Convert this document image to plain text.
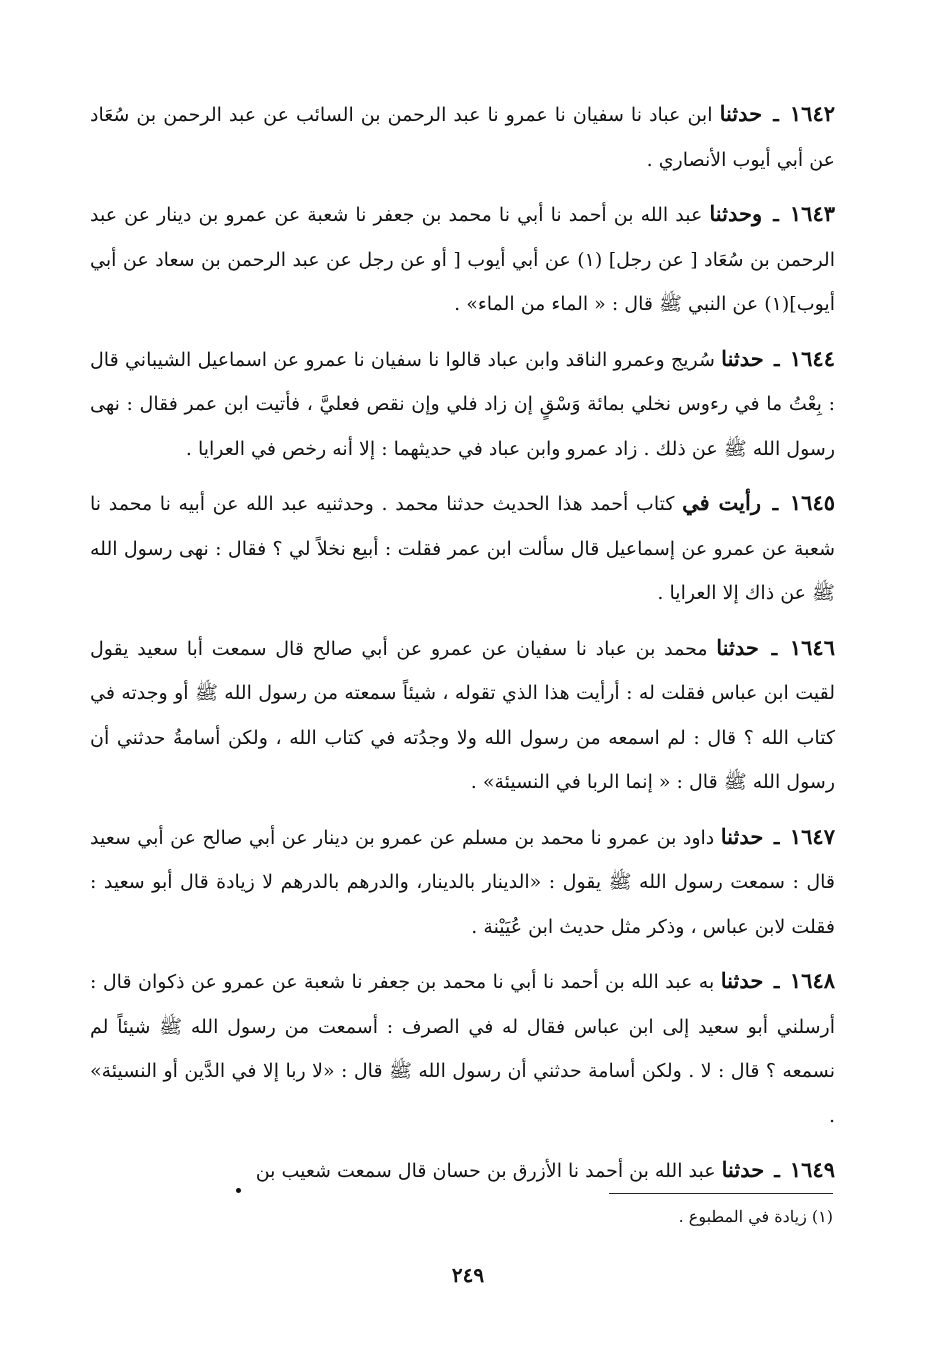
١٦٤٢ ـ حدثنا ابن عباد نا سفيان نا عمرو نا عبد الرحمن بن السائب عن عبد الرحمن بن سُعَاد عن أبي أيوب الأنصاري .

١٦٤٣ ـ وحدثنا عبد الله بن أحمد نا أبي نا محمد بن جعفر نا شعبة عن عمرو بن دينار عن عبد الرحمن بن سُعَاد [ عن رجل] (١) عن أبي أيوب [ أو عن رجل عن عبد الرحمن بن سعاد عن أبي أيوب](١) عن النبي ﷺ قال : « الماء من الماء» .

١٦٤٤ ـ حدثنا سُريج وعمرو الناقد وابن عباد قالوا نا سفيان نا عمرو عن اسماعيل الشيباني قال : بِعْتُ ما في رءوس نخلي بمائة وَسْقٍ إن زاد فلي وإن نقص فعليَّ ، فأتيت ابن عمر فقال : نهى رسول الله ﷺ عن ذلك . زاد عمرو وابن عباد في حديثهما : إلا أنه رخص في العرايا .

١٦٤٥ ـ رأيت في كتاب أحمد هذا الحديث حدثنا محمد . وحدثنيه عبد الله عن أبيه نا محمد نا شعبة عن عمرو عن إسماعيل قال سألت ابن عمر فقلت : أبيع نخلاً لي ؟ فقال : نهى رسول الله ﷺ عن ذاك إلا العرايا .

١٦٤٦ ـ حدثنا محمد بن عباد نا سفيان عن عمرو عن أبي صالح قال سمعت أبا سعيد يقول لقيت ابن عباس فقلت له : أرأيت هذا الذي تقوله ، شيئاً سمعته من رسول الله ﷺ أو وجدته في كتاب الله ؟ قال : لم اسمعه من رسول الله ولا وجدُته في كتاب الله ، ولكن أسامةُ حدثني أن رسول الله ﷺ قال : « إنما الربا في النسيئة» .

١٦٤٧ ـ حدثنا داود بن عمرو نا محمد بن مسلم عن عمرو بن دينار عن أبي صالح عن أبي سعيد قال : سمعت رسول الله ﷺ يقول : «الدينار بالدينار، والدرهم بالدرهم لا زيادة قال أبو سعيد : فقلت لابن عباس ، وذكر مثل حديث ابن عُيَيْنة .

١٦٤٨ ـ حدثنا به عبد الله بن أحمد نا أبي نا محمد بن جعفر نا شعبة عن عمرو عن ذكوان قال : أرسلني أبو سعيد إلى ابن عباس فقال له في الصرف : أسمعت من رسول الله ﷺ شيئاً لم نسمعه ؟ قال : لا . ولكن أسامة حدثني أن رسول الله ﷺ قال : «لا ربا إلا في الدَّين أو النسيئة» .

١٦٤٩ ـ حدثنا عبد الله بن أحمد نا الأزرق بن حسان قال سمعت شعيب بن

(١) زيادة في المطبوع .
٢٤٩
